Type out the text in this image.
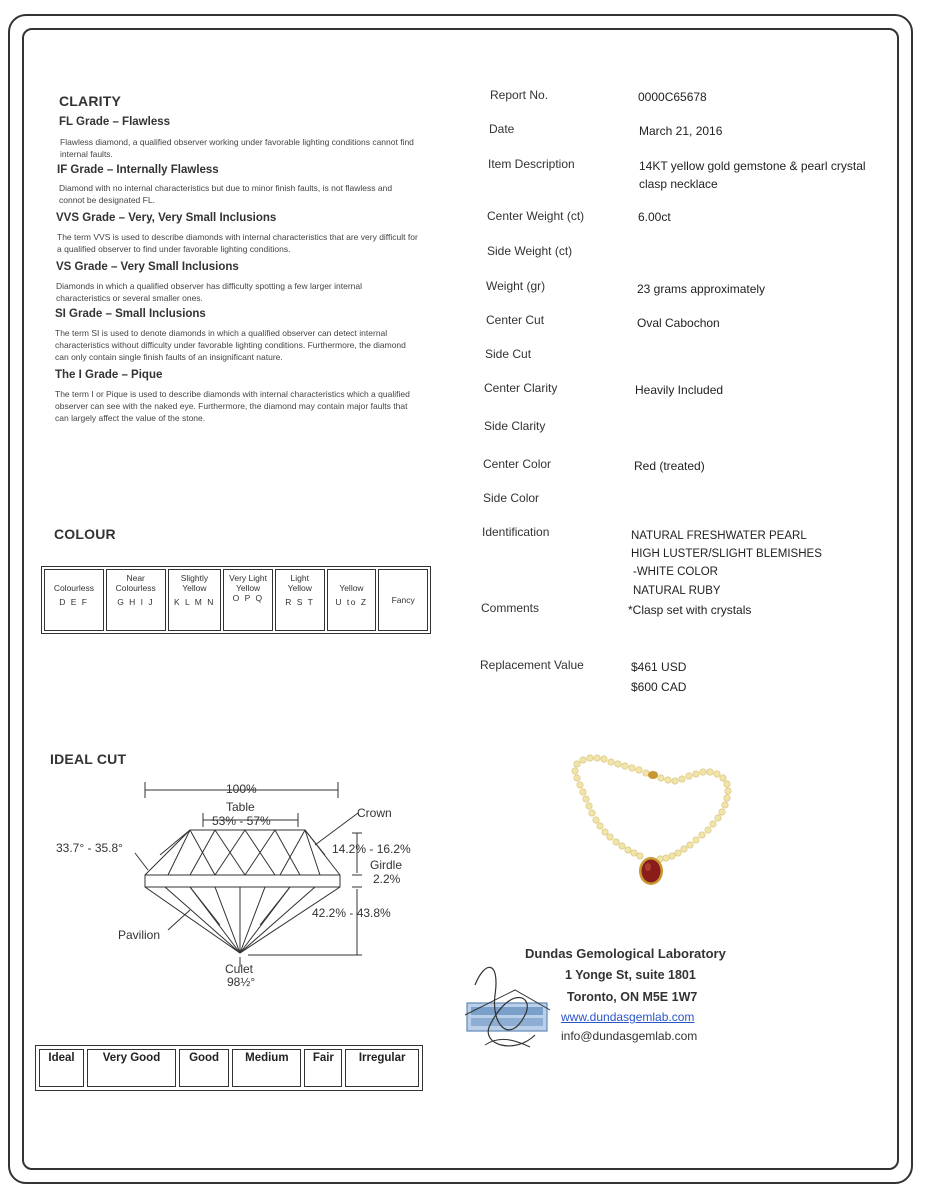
CLARITY
FL Grade – Flawless
Flawless diamond, a qualified observer working under favorable lighting conditions cannot find internal faults.
IF Grade – Internally Flawless
Diamond with no internal characteristics but due to minor finish faults, is not flawless and connot be designated FL.
VVS Grade – Very, Very Small Inclusions
The term VVS is used to describe diamonds with internal characteristics that are very difficult for a qualified observer to find under favorable lighting conditions.
VS Grade – Very Small Inclusions
Diamonds in which a qualified observer has difficulty spotting a few larger internal characteristics or several smaller ones.
SI Grade – Small Inclusions
The term SI is used to denote diamonds in which a qualified observer can detect internal characteristics without difficulty under favorable lighting conditions. Furthermore, the diamond can only contain single finish faults of an insignificant nature.
The I Grade – Pique
The term I or Pique is used to describe diamonds with internal characteristics which a qualified observer can see with the naked eye. Furthermore, the diamond may contain major faults that can largely affect the value of the stone.
COLOUR
Colourless
D E F

Near Colourless
G H I J

Slightly Yellow
K L M N

Very Light Yellow
O P Q

Light Yellow
R S T

Yellow
U to Z	Fancy
IDEAL CUT
100%
Table
53% - 57%
Crown
33.7° - 35.8°	14.2% - 16.2%
Girdle
2.2%
42.2% - 43.8%
Pavilion
Culet
98½°
Ideal	Very Good	Good	Medium	Fair	Irregular
Report No.	0000C65678
Date	March 21, 2016
Item Description	14KT yellow gold gemstone & pearl crystal clasp necklace
Center Weight (ct)	6.00ct
Side Weight (ct)
Weight (gr)	23 grams approximately
Center Cut	Oval Cabochon
Side Cut
Center Clarity	Heavily Included
Side Clarity
Center Color	Red (treated)
Side Color
Identification	NATURAL FRESHWATER PEARL
HIGH LUSTER/SLIGHT BLEMISHES
-WHITE COLOR
NATURAL RUBY
Comments	*Clasp set with crystals
Replacement Value	$461 USD
$600 CAD
Dundas Gemological Laboratory
1 Yonge St, suite 1801
Toronto, ON M5E 1W7
www.dundasgemlab.com
info@dundasgemlab.com
